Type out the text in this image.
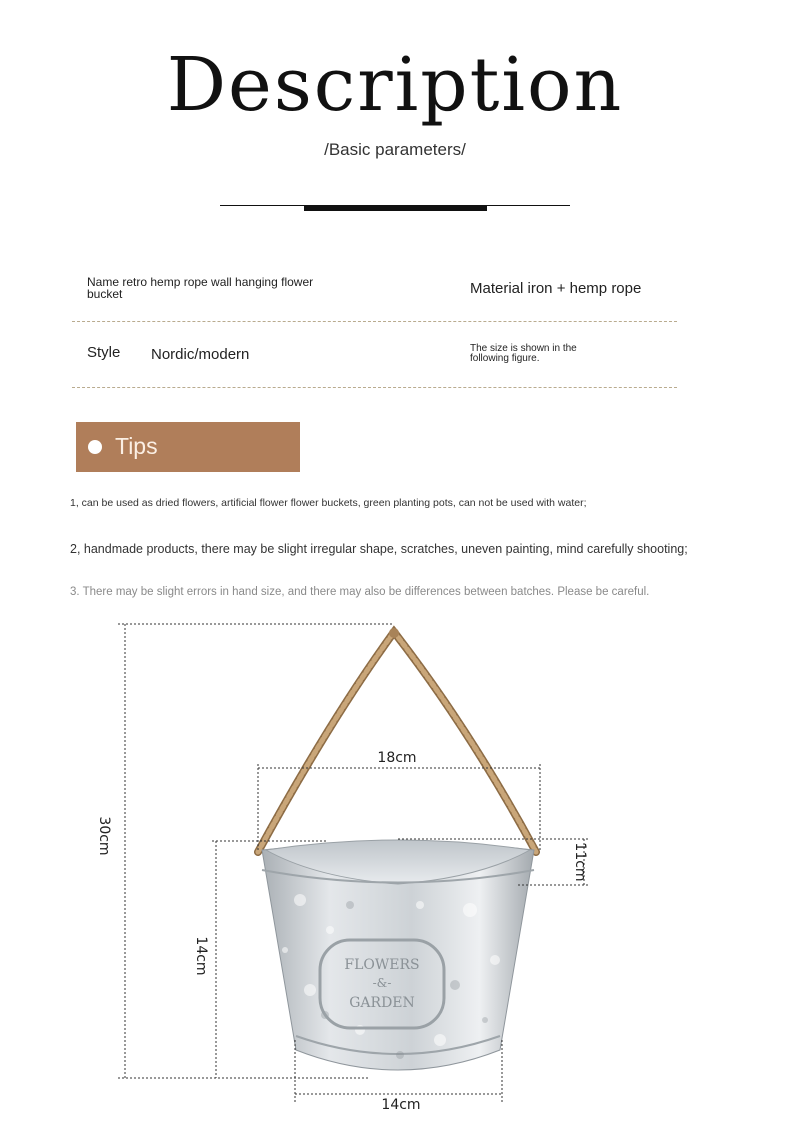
Description
/Basic parameters/
Name retro hemp rope wall hanging flower bucket	Material iron + hemp rope
Style Nordic/modern	The size is shown in the following figure.
Tips
1, can be used as dried flowers, artificial flower flower buckets, green planting pots, can not be used with water;
2, handmade products, there may be slight irregular shape, scratches, uneven painting, mind carefully shooting;
3. There may be slight errors in hand size, and there may also be differences between batches. Please be careful.
FLOWERS
-&-
GARDEN
30cm
18cm
11cm
14cm
14cm
